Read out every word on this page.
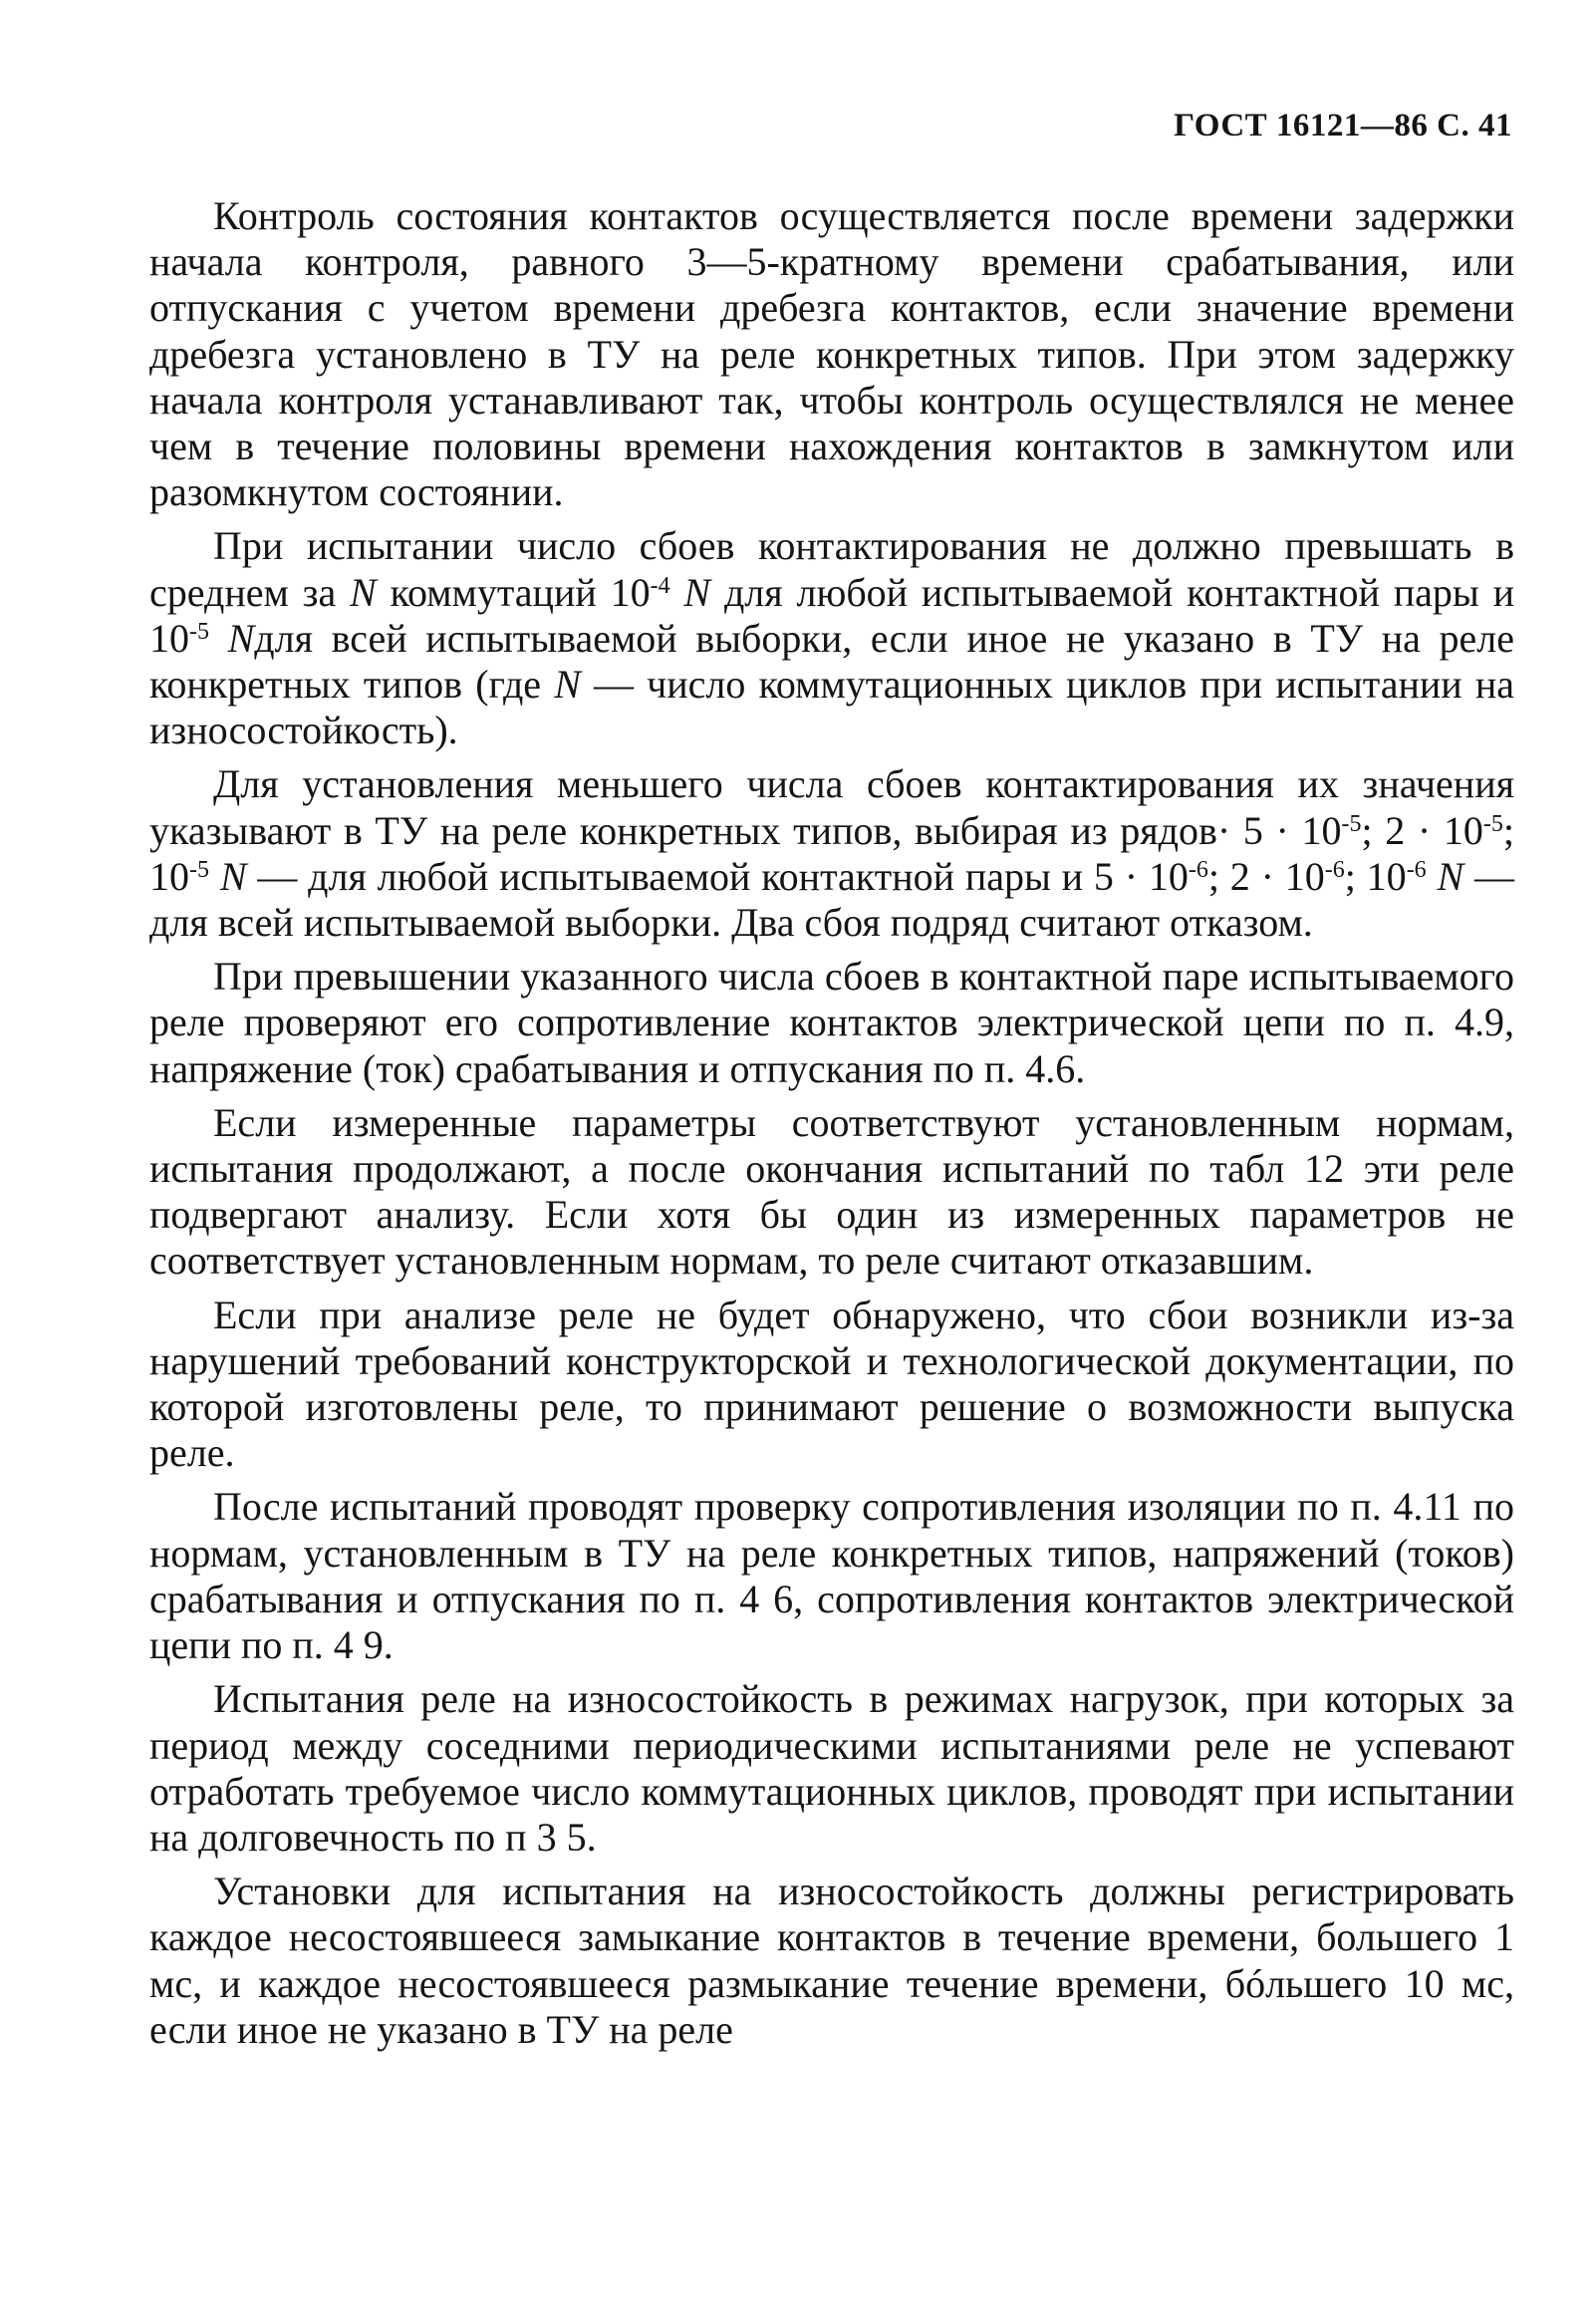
ГОСТ 16121—86 С. 41

Контроль состояния контактов осуществляется после времени задержки начала контроля, равного 3—5-кратному времени срабатывания, или отпускания с учетом времени дребезга контактов, если значение времени дребезга установлено в ТУ на реле конкретных типов. При этом задержку начала контроля устанавливают так, чтобы контроль осуществлялся не менее чем в течение половины времени нахождения контактов в замкнутом или разомкнутом состоянии.

При испытании число сбоев контактирования не должно превышать в среднем за N коммутаций $10^{-4}$ N для любой испытываемой контактной пары и $10^{-5}$ Nдля всей испытываемой выборки, если иное не указано в ТУ на реле конкретных типов (где N — число коммутационных циклов при испытании на износостойкость).

Для установления меньшего числа сбоев контактирования их значения указывают в ТУ на реле конкретных типов, выбирая из рядов· $5 \cdot 10^{-5}$; $2 \cdot 10^{-5}$; $10^{-5}$ N — для любой испытываемой контактной пары и $5 \cdot 10^{-6}$; $2 \cdot 10^{-6}$; $10^{-6}$ N — для всей испытываемой выборки. Два сбоя подряд считают отказом.

При превышении указанного числа сбоев в контактной паре испытываемого реле проверяют его сопротивление контактов электрической цепи по п. 4.9, напряжение (ток) срабатывания и отпускания по п. 4.6.

Если измеренные параметры соответствуют установленным нормам, испытания продолжают, а после окончания испытаний по табл 12 эти реле подвергают анализу. Если хотя бы один из измеренных параметров не соответствует установленным нормам, то реле считают отказавшим.

Если при анализе реле не будет обнаружено, что сбои возникли из-за нарушений требований конструкторской и технологической документации, по которой изготовлены реле, то принимают решение о возможности выпуска реле.

После испытаний проводят проверку сопротивления изоляции по п. 4.11 по нормам, установленным в ТУ на реле конкретных типов, напряжений (токов) срабатывания и отпускания по п. 4 6, сопротивления контактов электрической цепи по п. 4 9.

Испытания реле на износостойкость в режимах нагрузок, при которых за период между соседними периодическими испытаниями реле не успевают отработать требуемое число коммутационных циклов, проводят при испытании на долговечность по п 3 5.

Установки для испытания на износостойкость должны регистрировать каждое несостоявшееся замыкание контактов в течение времени, большего 1 мс, и каждое несостоявшееся размыкание течение времени, бóльшего 10 мс, если иное не указано в ТУ на реле
